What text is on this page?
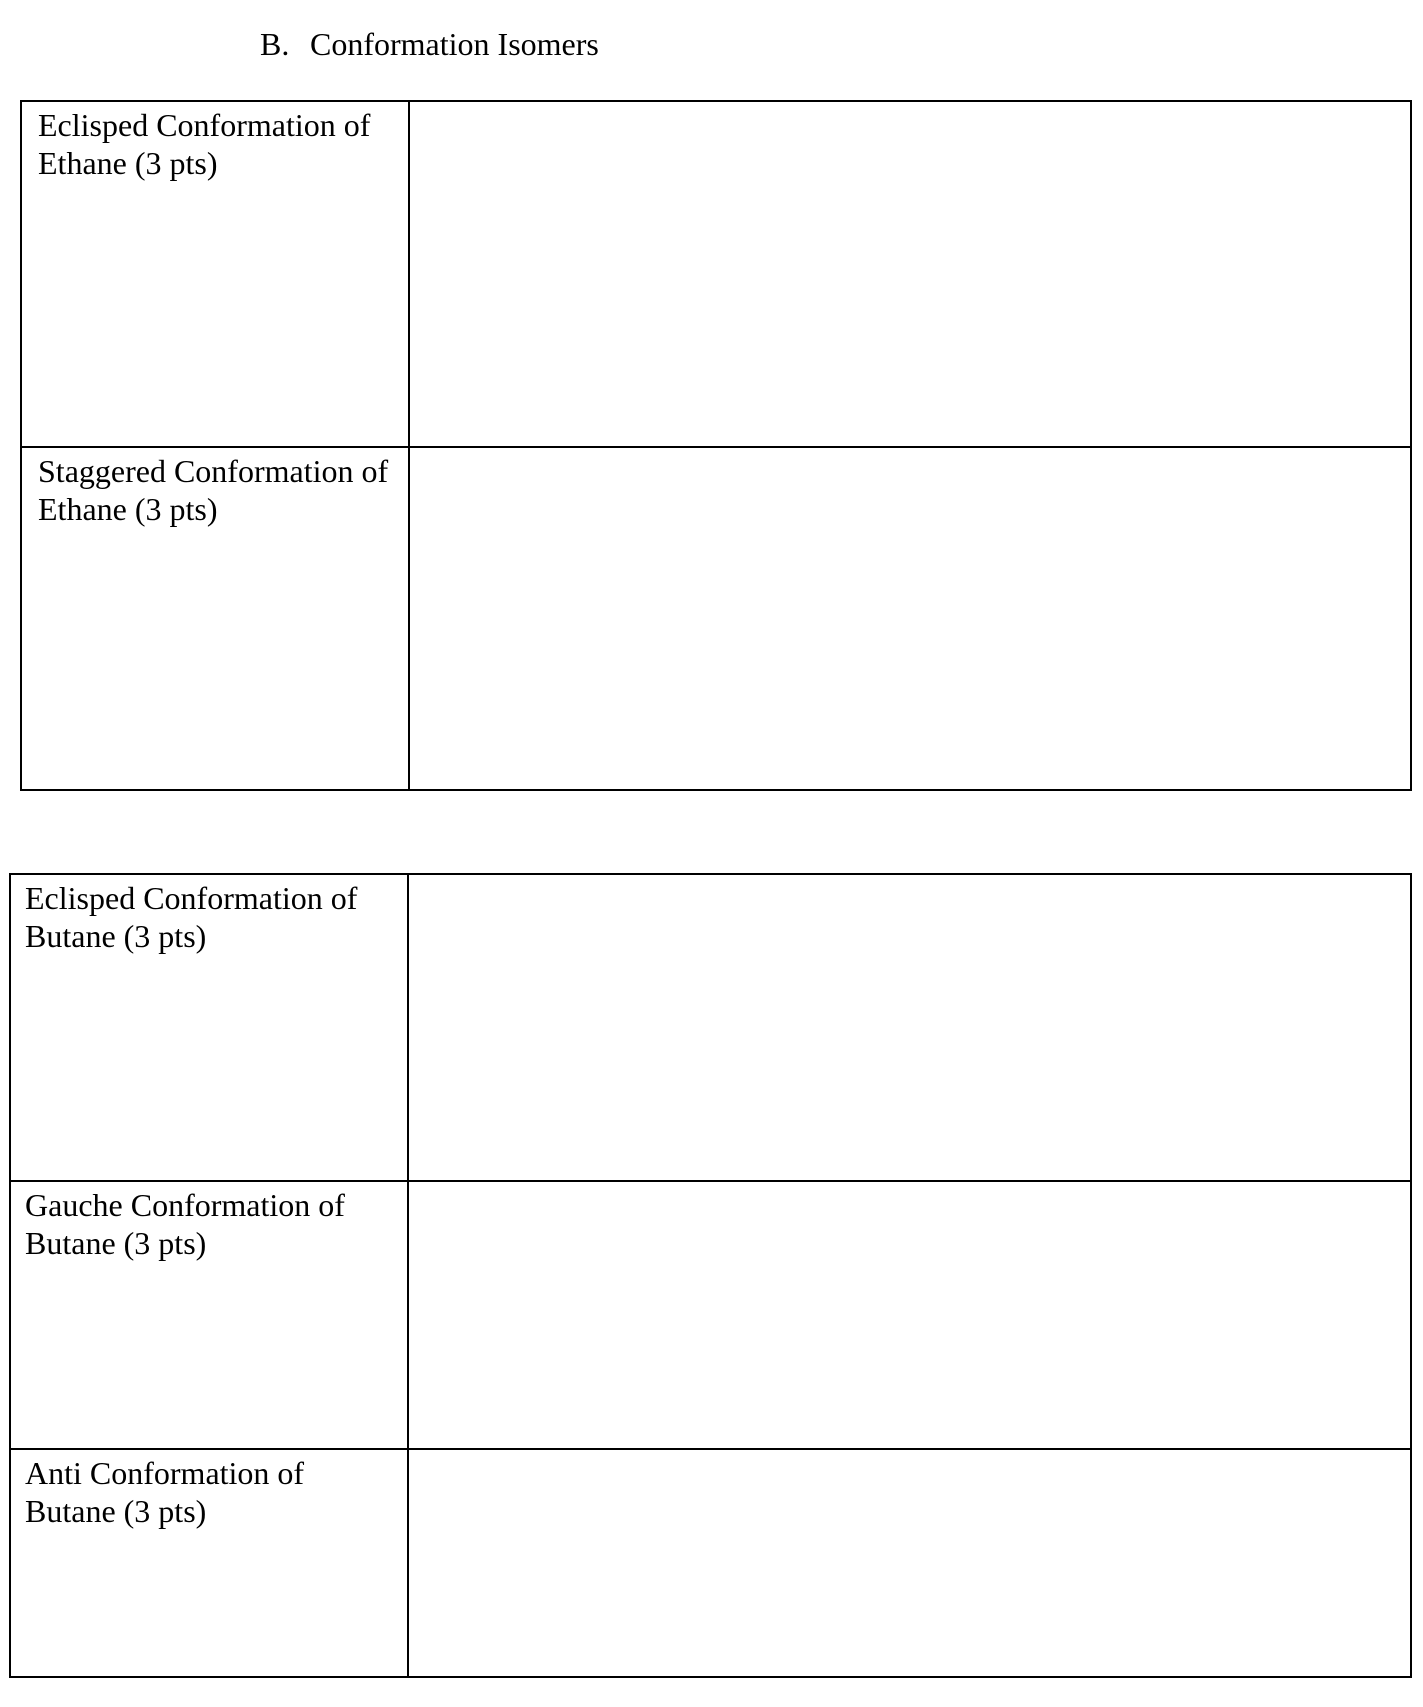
B. Conformation Isomers
Eclisped Conformation of Ethane (3 pts)	
Staggered Conformation of Ethane (3 pts)	
Eclisped Conformation of Butane (3 pts)	
Gauche Conformation of Butane (3 pts)	
Anti Conformation of Butane (3 pts)	
